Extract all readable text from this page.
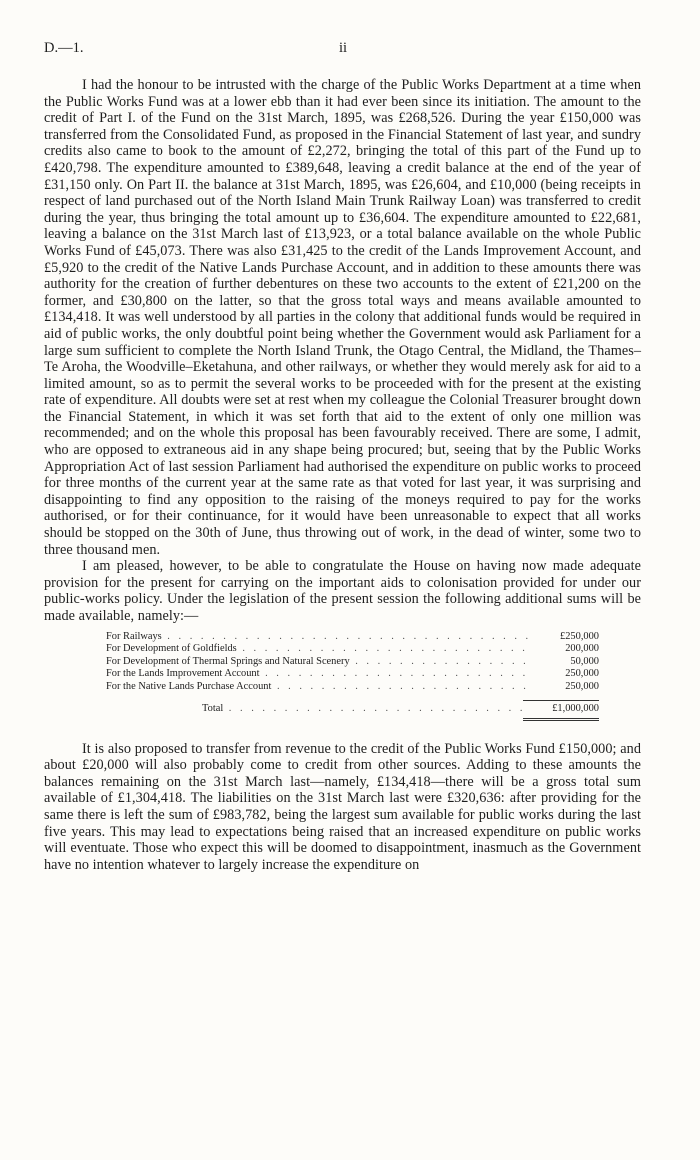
D.—1.	ii

I had the honour to be intrusted with the charge of the Public Works Department at a time when the Public Works Fund was at a lower ebb than it had ever been since its initiation. The amount to the credit of Part I. of the Fund on the 31st March, 1895, was £268,526. During the year £150,000 was transferred from the Consolidated Fund, as proposed in the Financial Statement of last year, and sundry credits also came to book to the amount of £2,272, bringing the total of this part of the Fund up to £420,798. The expenditure amounted to £389,648, leaving a credit balance at the end of the year of £31,150 only. On Part II. the balance at 31st March, 1895, was £26,604, and £10,000 (being receipts in respect of land purchased out of the North Island Main Trunk Railway Loan) was transferred to credit during the year, thus bringing the total amount up to £36,604. The expenditure amounted to £22,681, leaving a balance on the 31st March last of £13,923, or a total balance available on the whole Public Works Fund of £45,073. There was also £31,425 to the credit of the Lands Improvement Account, and £5,920 to the credit of the Native Lands Purchase Account, and in addition to these amounts there was authority for the creation of further debentures on these two accounts to the extent of £21,200 on the former, and £30,800 on the latter, so that the gross total ways and means available amounted to £134,418. It was well understood by all parties in the colony that additional funds would be required in aid of public works, the only doubtful point being whether the Government would ask Parliament for a large sum sufficient to complete the North Island Trunk, the Otago Central, the Midland, the Thames–Te Aroha, the Woodville–Eketahuna, and other railways, or whether they would merely ask for aid to a limited amount, so as to permit the several works to be proceeded with for the present at the existing rate of expenditure. All doubts were set at rest when my colleague the Colonial Treasurer brought down the Financial Statement, in which it was set forth that aid to the extent of only one million was recommended; and on the whole this proposal has been favourably received. There are some, I admit, who are opposed to extraneous aid in any shape being procured; but, seeing that by the Public Works Appropriation Act of last session Parliament had authorised the expenditure on public works to proceed for three months of the current year at the same rate as that voted for last year, it was surprising and disappointing to find any opposition to the raising of the moneys required to pay for the works authorised, or for their continuance, for it would have been unreasonable to expect that all works should be stopped on the 30th of June, thus throwing out of work, in the dead of winter, some two to three thousand men.

I am pleased, however, to be able to congratulate the House on having now made adequate provision for the present for carrying on the important aids to colonisation provided for under our public-works policy. Under the legislation of the present session the following additional sums will be made available, namely:—

For Railways . . .	£250,000
For Development of Goldfields . . .	200,000
For Development of Thermal Springs and Natural Scenery . . .	50,000
For the Lands Improvement Account . . .	250,000
For the Native Lands Purchase Account . . .	250,000
Total . . .	£1,000,000

It is also proposed to transfer from revenue to the credit of the Public Works Fund £150,000; and about £20,000 will also probably come to credit from other sources. Adding to these amounts the balances remaining on the 31st March last—namely, £134,418—there will be a gross total sum available of £1,304,418. The liabilities on the 31st March last were £320,636: after providing for the same there is left the sum of £983,782, being the largest sum available for public works during the last five years. This may lead to expectations being raised that an increased expenditure on public works will eventuate. Those who expect this will be doomed to disappointment, inasmuch as the Government have no intention whatever to largely increase the expenditure on
